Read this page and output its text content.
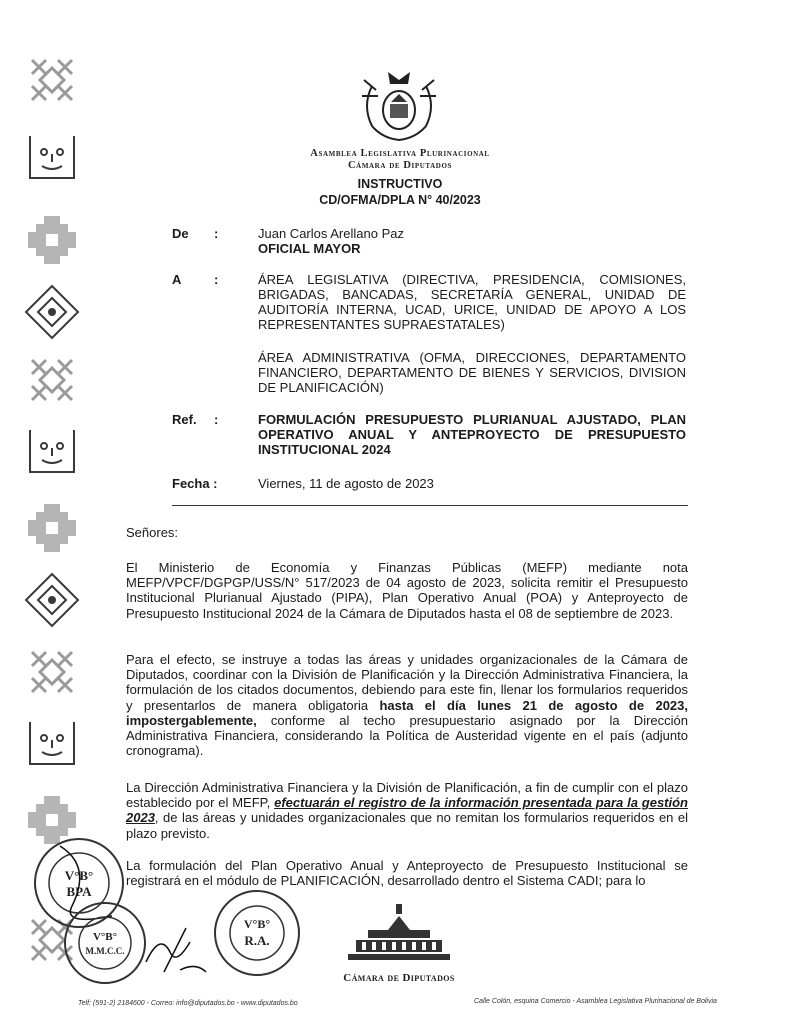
Asamblea Legislativa Plurinacional
Cámara de Diputados
INSTRUCTIVO
CD/OFMA/DPLA N° 40/2023
De :	Juan Carlos Arellano Paz
OFICIAL MAYOR
A	:	ÁREA LEGISLATIVA (DIRECTIVA, PRESIDENCIA, COMISIONES, BRIGADAS, BANCADAS, SECRETARÍA GENERAL, UNIDAD DE AUDITORÍA INTERNA, UCAD, URICE, UNIDAD DE APOYO A LOS REPRESENTANTES SUPRAESTATALES)
ÁREA ADMINISTRATIVA (OFMA, DIRECCIONES, DEPARTAMENTO FINANCIERO, DEPARTAMENTO DE BIENES Y SERVICIOS, DIVISION DE PLANIFICACIÓN)
Ref. :	FORMULACIÓN PRESUPUESTO PLURIANUAL AJUSTADO, PLAN OPERATIVO ANUAL Y ANTEPROYECTO DE PRESUPUESTO INSTITUCIONAL 2024
Fecha :	Viernes, 11 de agosto de 2023
Señores:
El Ministerio de Economía y Finanzas Públicas (MEFP) mediante nota MEFP/VPCF/DGPGP/USS/N° 517/2023 de 04 agosto de 2023, solicita remitir el Presupuesto Institucional Plurianual Ajustado (PIPA), Plan Operativo Anual (POA) y Anteproyecto de Presupuesto Institucional 2024 de la Cámara de Diputados hasta el 08 de septiembre de 2023.
Para el efecto, se instruye a todas las áreas y unidades organizacionales de la Cámara de Diputados, coordinar con la División de Planificación y la Dirección Administrativa Financiera, la formulación de los citados documentos, debiendo para este fin, llenar los formularios requeridos y presentarlos de manera obligatoria hasta el día lunes 21 de agosto de 2023, impostergablemente, conforme al techo presupuestario asignado por la Dirección Administrativa Financiera, considerando la Política de Austeridad vigente en el país (adjunto cronograma).
La Dirección Administrativa Financiera y la División de Planificación, a fin de cumplir con el plazo establecido por el MEFP, efectuarán el registro de la información presentada para la gestión 2023, de las áreas y unidades organizacionales que no remitan los formularios requeridos en el plazo previsto.
La formulación del Plan Operativo Anual y Anteproyecto de Presupuesto Institucional se registrará en el módulo de PLANIFICACIÓN, desarrollado dentro el Sistema CADI; para lo
V°B°
BPA
V°B°
M.M.C.C.
V°B°
R.A.
Cámara de Diputados
Telf: (591-2) 2184600 - Correo: info@diputados.bo - www.diputados.bo	Calle Colón, esquina Comercio - Asamblea Legislativa Plurinacional de Bolivia
